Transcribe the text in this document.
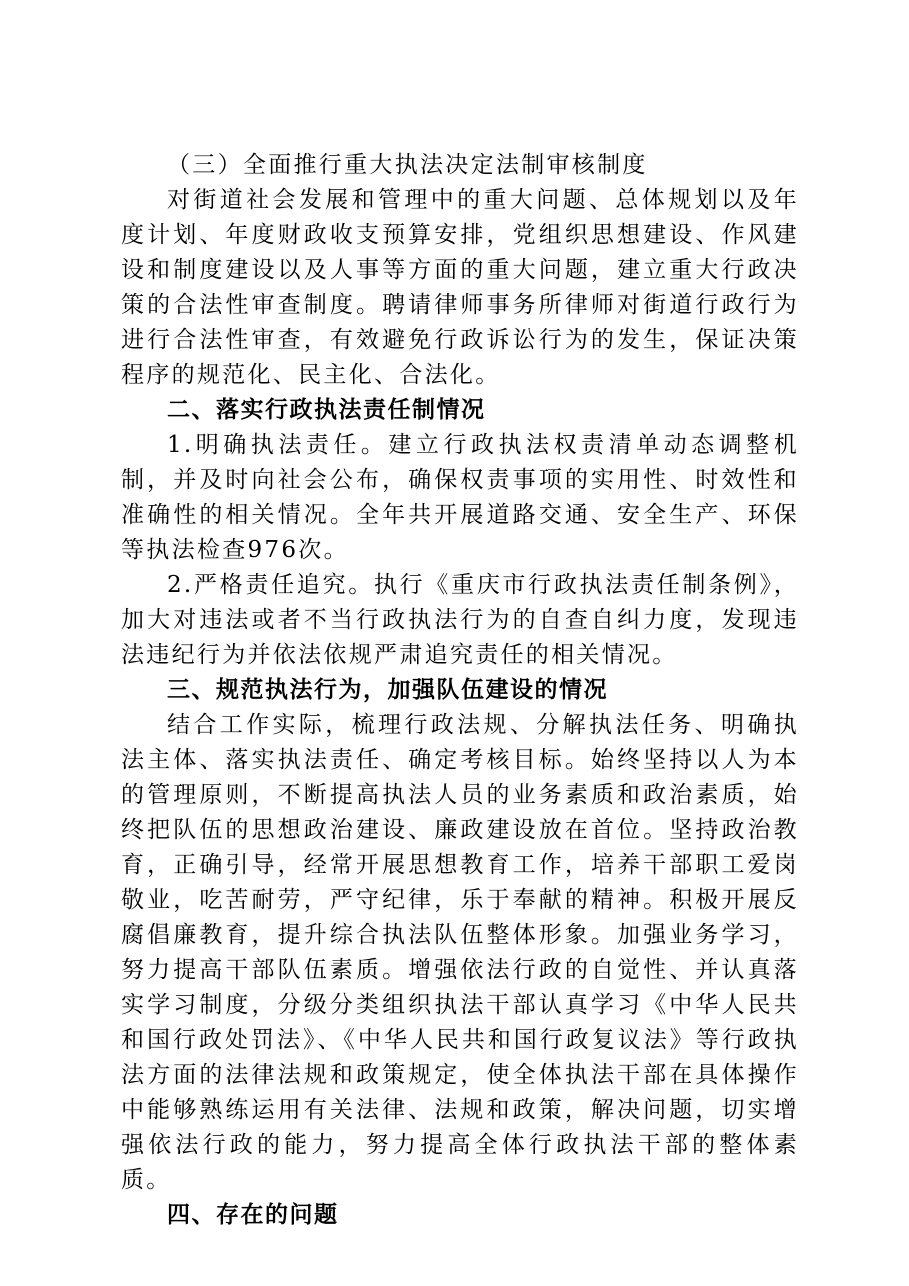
（三）全面推行重大执法决定法制审核制度

对街道社会发展和管理中的重大问题、总体规划以及年度计划、年度财政收支预算安排，党组织思想建设、作风建设和制度建设以及人事等方面的重大问题，建立重大行政决策的合法性审查制度。聘请律师事务所律师对街道行政行为进行合法性审查，有效避免行政诉讼行为的发生，保证决策程序的规范化、民主化、合法化。

二、落实行政执法责任制情况

1.明确执法责任。建立行政执法权责清单动态调整机制，并及时向社会公布，确保权责事项的实用性、时效性和准确性的相关情况。全年共开展道路交通、安全生产、环保等执法检查976次。

2.严格责任追究。执行《重庆市行政执法责任制条例》，加大对违法或者不当行政执法行为的自查自纠力度，发现违法违纪行为并依法依规严肃追究责任的相关情况。

三、规范执法行为，加强队伍建设的情况

结合工作实际，梳理行政法规、分解执法任务、明确执法主体、落实执法责任、确定考核目标。始终坚持以人为本的管理原则，不断提高执法人员的业务素质和政治素质，始终把队伍的思想政治建设、廉政建设放在首位。坚持政治教育，正确引导，经常开展思想教育工作，培养干部职工爱岗敬业，吃苦耐劳，严守纪律，乐于奉献的精神。积极开展反腐倡廉教育，提升综合执法队伍整体形象。加强业务学习，努力提高干部队伍素质。增强依法行政的自觉性、并认真落实学习制度，分级分类组织执法干部认真学习《中华人民共和国行政处罚法》、《中华人民共和国行政复议法》等行政执法方面的法律法规和政策规定，使全体执法干部在具体操作中能够熟练运用有关法律、法规和政策，解决问题，切实增强依法行政的能力，努力提高全体行政执法干部的整体素质。

四、存在的问题
